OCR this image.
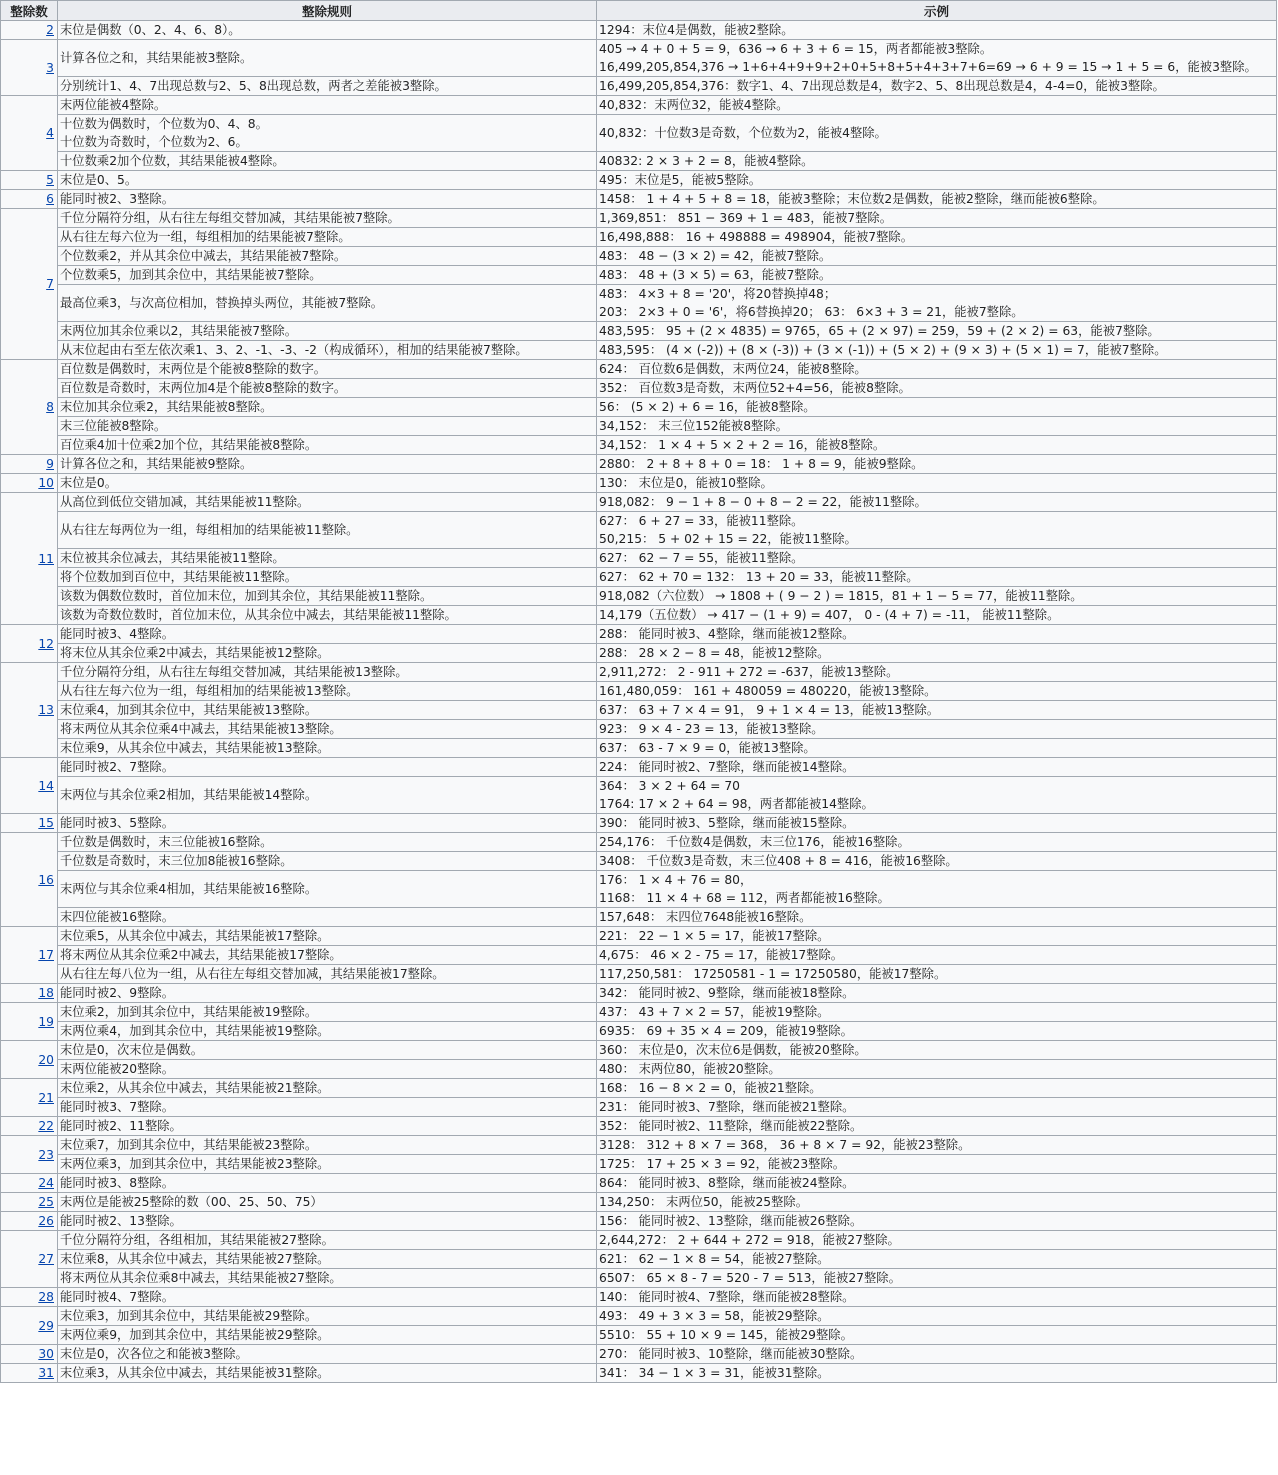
整除数	整除规则	示例
2	末位是偶数（0、2、4、6、8）。	1294：末位4是偶数，能被2整除。
3	计算各位之和，其结果能被3整除。	405 → 4 + 0 + 5 = 9，636 → 6 + 3 + 6 = 15，两者都能被3整除。
16,499,205,854,376 → 1+6+4+9+9+2+0+5+8+5+4+3+7+6=69 → 6 + 9 = 15 → 1 + 5 = 6，能被3整除。
	分别统计1、4、7出现总数与2、5、8出现总数，两者之差能被3整除。	16,499,205,854,376：数字1、4、7出现总数是4，数字2、5、8出现总数是4，4-4=0，能被3整除。
4	末两位能被4整除。	40,832：末两位32，能被4整除。
	十位数为偶数时，个位数为0、4、8。
十位数为奇数时，个位数为2、6。	40,832：十位数3是奇数，个位数为2，能被4整除。
	十位数乘2加个位数，其结果能被4整除。	40832: 2 × 3 + 2 = 8，能被4整除。
5	末位是0、5。	495：末位是5，能被5整除。
6	能同时被2、3整除。	1458： 1 + 4 + 5 + 8 = 18，能被3整除；末位数2是偶数，能被2整除，继而能被6整除。
7	千位分隔符分组，从右往左每组交替加减，其结果能被7整除。	1,369,851： 851 − 369 + 1 = 483，能被7整除。
	从右往左每六位为一组，每组相加的结果能被7整除。	16,498,888： 16 + 498888 = 498904，能被7整除。
	个位数乘2，并从其余位中减去，其结果能被7整除。	483： 48 − (3 × 2) = 42，能被7整除。
	个位数乘5，加到其余位中，其结果能被7整除。	483： 48 + (3 × 5) = 63，能被7整除。
	最高位乘3，与次高位相加，替换掉头两位，其能被7整除。	483： 4×3 + 8 = '20'，将20替换掉48；
203： 2×3 + 0 = '6'，将6替换掉20； 63： 6×3 + 3 = 21，能被7整除。
	末两位加其余位乘以2，其结果能被7整除。	483,595： 95 + (2 × 4835) = 9765，65 + (2 × 97) = 259，59 + (2 × 2) = 63，能被7整除。
	从末位起由右至左依次乘1、3、2、-1、-3、-2（构成循环），相加的结果能被7整除。	483,595： (4 × (-2)) + (8 × (-3)) + (3 × (-1)) + (5 × 2) + (9 × 3) + (5 × 1) = 7，能被7整除。
8	百位数是偶数时，末两位是个能被8整除的数字。	624： 百位数6是偶数，末两位24，能被8整除。
	百位数是奇数时，末两位加4是个能被8整除的数字。	352： 百位数3是奇数，末两位52+4=56，能被8整除。
	末位加其余位乘2，其结果能被8整除。	56： (5 × 2) + 6 = 16，能被8整除。
	末三位能被8整除。	34,152： 末三位152能被8整除。
	百位乘4加十位乘2加个位，其结果能被8整除。	34,152： 1 × 4 + 5 × 2 + 2 = 16，能被8整除。
9	计算各位之和，其结果能被9整除。	2880： 2 + 8 + 8 + 0 = 18： 1 + 8 = 9，能被9整除。
10	末位是0。	130： 末位是0，能被10整除。
11	从高位到低位交错加减，其结果能被11整除。	918,082： 9 − 1 + 8 − 0 + 8 − 2 = 22，能被11整除。
	从右往左每两位为一组，每组相加的结果能被11整除。	627： 6 + 27 = 33，能被11整除。
50,215： 5 + 02 + 15 = 22，能被11整除。
	末位被其余位减去，其结果能被11整除。	627： 62 − 7 = 55，能被11整除。
	将个位数加到百位中，其结果能被11整除。	627： 62 + 70 = 132： 13 + 20 = 33，能被11整除。
	该数为偶数位数时，首位加末位，加到其余位，其结果能被11整除。	918,082（六位数） → 1808 + ( 9 − 2 ) = 1815，81 + 1 − 5 = 77，能被11整除。
	该数为奇数位数时，首位加末位，从其余位中减去，其结果能被11整除。	14,179（五位数） → 417 − (1 + 9) = 407， 0 - (4 + 7) = -11， 能被11整除。
12	能同时被3、4整除。	288： 能同时被3、4整除，继而能被12整除。
	将末位从其余位乘2中减去，其结果能被12整除。	288： 28 × 2 − 8 = 48，能被12整除。
13	千位分隔符分组，从右往左每组交替加减，其结果能被13整除。	2,911,272： 2 - 911 + 272 = -637，能被13整除。
	从右往左每六位为一组，每组相加的结果能被13整除。	161,480,059： 161 + 480059 = 480220，能被13整除。
	末位乘4，加到其余位中，其结果能被13整除。	637： 63 + 7 × 4 = 91， 9 + 1 × 4 = 13，能被13整除。
	将末两位从其余位乘4中减去，其结果能被13整除。	923： 9 × 4 - 23 = 13，能被13整除。
	末位乘9，从其余位中减去，其结果能被13整除。	637： 63 - 7 × 9 = 0，能被13整除。
14	能同时被2、7整除。	224： 能同时被2、7整除，继而能被14整除。
	末两位与其余位乘2相加，其结果能被14整除。	364： 3 × 2 + 64 = 70
1764: 17 × 2 + 64 = 98，两者都能被14整除。
15	能同时被3、5整除。	390： 能同时被3、5整除，继而能被15整除。
16	千位数是偶数时，末三位能被16整除。	254,176： 千位数4是偶数，末三位176，能被16整除。
	千位数是奇数时，末三位加8能被16整除。	3408： 千位数3是奇数，末三位408 + 8 = 416，能被16整除。
	末两位与其余位乘4相加，其结果能被16整除。	176： 1 × 4 + 76 = 80，
1168： 11 × 4 + 68 = 112，两者都能被16整除。
	末四位能被16整除。	157,648： 末四位7648能被16整除。
17	末位乘5，从其余位中减去，其结果能被17整除。	221： 22 − 1 × 5 = 17，能被17整除。
	将末两位从其余位乘2中减去，其结果能被17整除。	4,675： 46 × 2 - 75 = 17，能被17整除。
	从右往左每八位为一组，从右往左每组交替加减，其结果能被17整除。	117,250,581： 17250581 - 1 = 17250580，能被17整除。
18	能同时被2、9整除。	342： 能同时被2、9整除，继而能被18整除。
19	末位乘2，加到其余位中，其结果能被19整除。	437： 43 + 7 × 2 = 57，能被19整除。
	末两位乘4，加到其余位中，其结果能被19整除。	6935： 69 + 35 × 4 = 209，能被19整除。
20	末位是0，次末位是偶数。	360： 末位是0，次末位6是偶数，能被20整除。
	末两位能被20整除。	480： 末两位80，能被20整除。
21	末位乘2，从其余位中减去，其结果能被21整除。	168： 16 − 8 × 2 = 0，能被21整除。
	能同时被3、7整除。	231： 能同时被3、7整除，继而能被21整除。
22	能同时被2、11整除。	352： 能同时被2、11整除，继而能被22整除。
23	末位乘7，加到其余位中，其结果能被23整除。	3128： 312 + 8 × 7 = 368， 36 + 8 × 7 = 92，能被23整除。
	末两位乘3，加到其余位中，其结果能被23整除。	1725： 17 + 25 × 3 = 92，能被23整除。
24	能同时被3、8整除。	864： 能同时被3、8整除，继而能被24整除。
25	末两位是能被25整除的数（00、25、50、75）	134,250： 末两位50，能被25整除。
26	能同时被2、13整除。	156： 能同时被2、13整除，继而能被26整除。
27	千位分隔符分组，各组相加，其结果能被27整除。	2,644,272： 2 + 644 + 272 = 918，能被27整除。
	末位乘8，从其余位中减去，其结果能被27整除。	621： 62 − 1 × 8 = 54，能被27整除。
	将末两位从其余位乘8中减去，其结果能被27整除。	6507： 65 × 8 - 7 = 520 - 7 = 513，能被27整除。
28	能同时被4、7整除。	140： 能同时被4、7整除，继而能被28整除。
29	末位乘3，加到其余位中，其结果能被29整除。	493： 49 + 3 × 3 = 58，能被29整除。
	末两位乘9，加到其余位中，其结果能被29整除。	5510： 55 + 10 × 9 = 145，能被29整除。
30	末位是0，次各位之和能被3整除。	270： 能同时被3、10整除，继而能被30整除。
31	末位乘3，从其余位中减去，其结果能被31整除。	341： 34 − 1 × 3 = 31，能被31整除。
